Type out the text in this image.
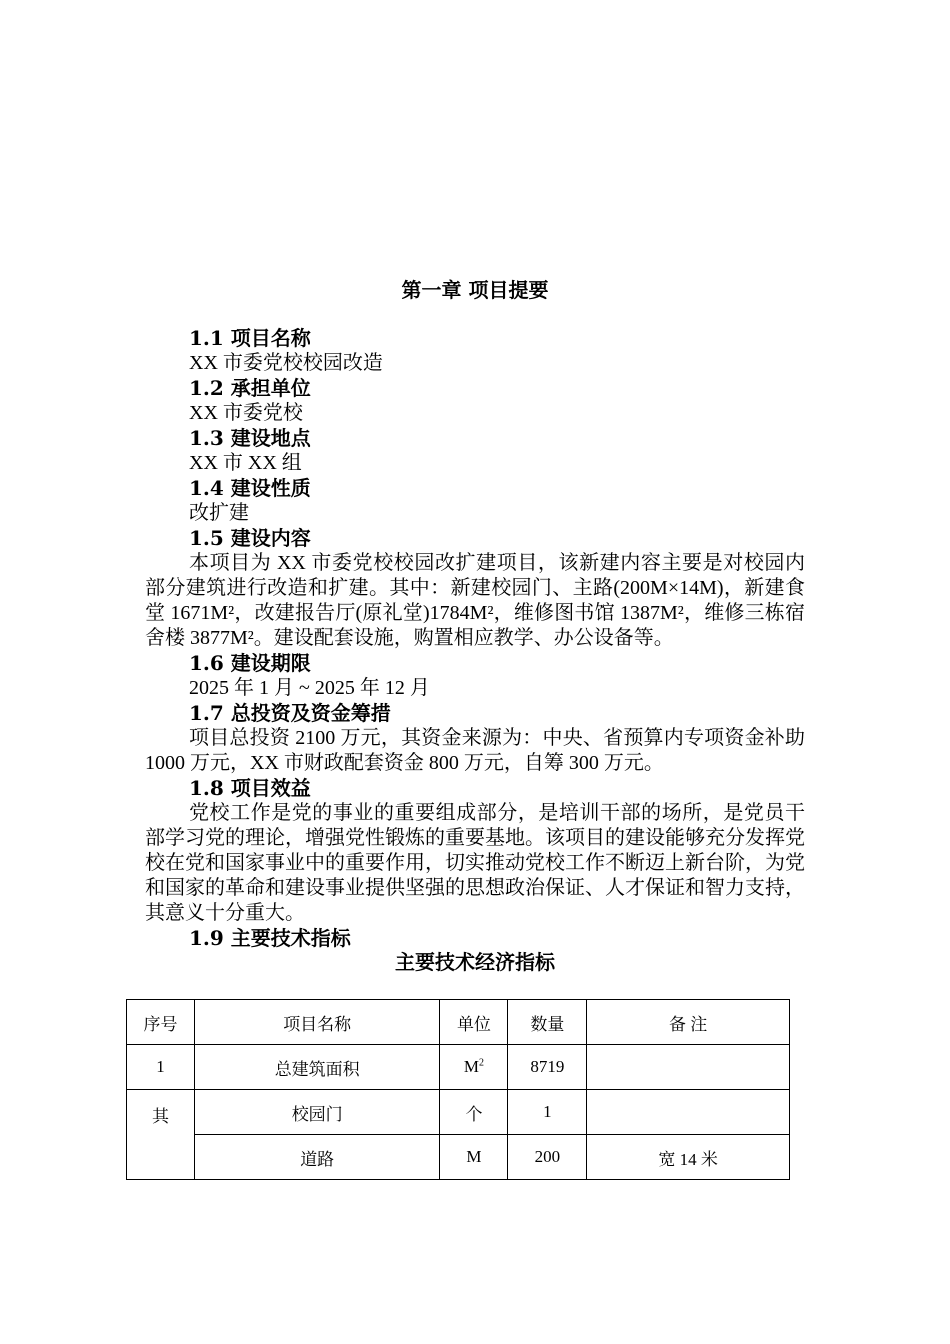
第一章 项目提要
1.1 项目名称
XX 市委党校校园改造
1.2 承担单位
XX 市委党校
1.3 建设地点
XX 市 XX 组
1.4 建设性质
改扩建
1.5 建设内容
本项目为 XX 市委党校校园改扩建项目，该新建内容主要是对校园内部分建筑进行改造和扩建。其中：新建校园门、主路(200M×14M)，新建食堂 1671M²，改建报告厅(原礼堂)1784M²，维修图书馆 1387M²，维修三栋宿舍楼 3877M²。建设配套设施，购置相应教学、办公设备等。
1.6 建设期限
2025 年 1 月 ~ 2025 年 12 月
1.7 总投资及资金筹措
项目总投资 2100 万元，其资金来源为：中央、省预算内专项资金补助 1000 万元，XX 市财政配套资金 800 万元，自筹 300 万元。
1.8 项目效益
党校工作是党的事业的重要组成部分，是培训干部的场所，是党员干部学习党的理论，增强党性锻炼的重要基地。该项目的建设能够充分发挥党校在党和国家事业中的重要作用，切实推动党校工作不断迈上新台阶，为党和国家的革命和建设事业提供坚强的思想政治保证、人才保证和智力支持，其意义十分重大。
1.9 主要技术指标
主要技术经济指标
序号	项目名称	单位	数量	备 注
1	总建筑面积	$M^2$	8719	
其	校园门	个	1	
	道路	M	200	宽 14 米
